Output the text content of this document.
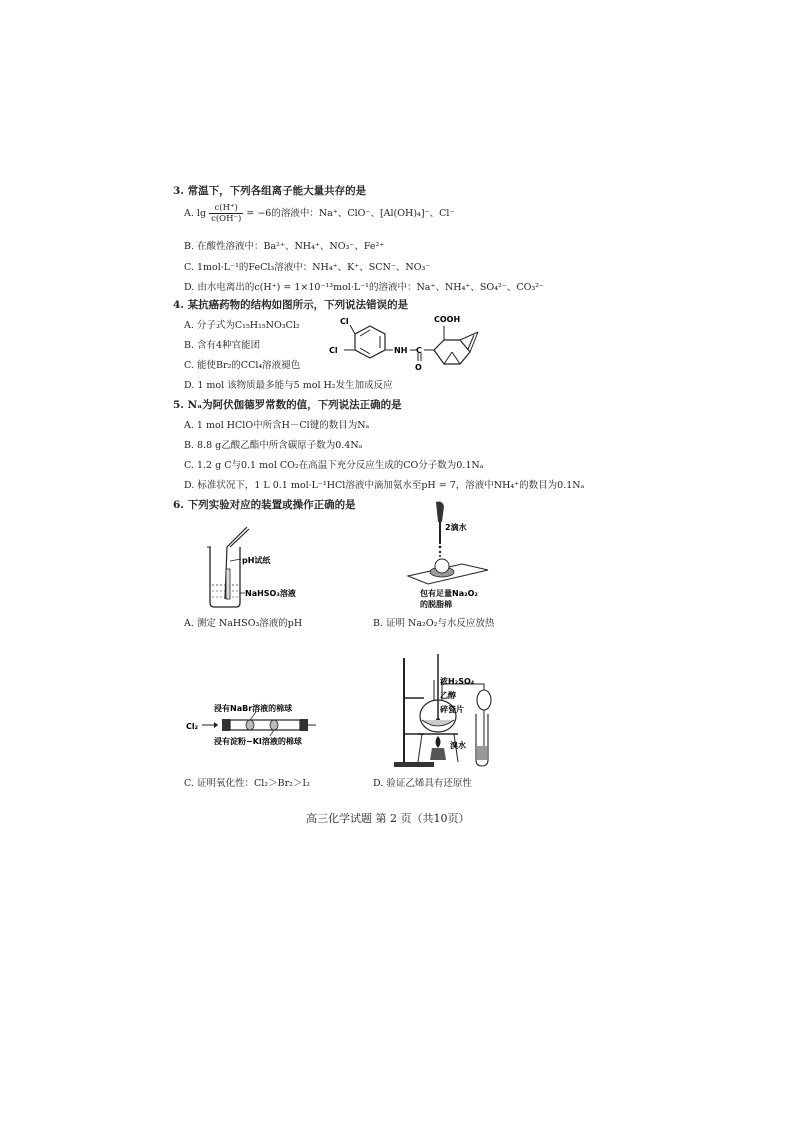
3. 常温下，下列各组离子能大量共存的是
A. $\lg \frac{c(H^+)}{c(OH^-)} = -6$的溶液中：Na⁺、ClO⁻、[Al(OH)₄]⁻、Cl⁻
B. 在酸性溶液中：Ba²⁺、NH₄⁺、NO₃⁻、Fe²⁺
C. 1mol·L⁻¹的FeCl₃溶液中：NH₄⁺、K⁺、SCN⁻、NO₃⁻
D. 由水电离出的c(H⁺) = 1×10⁻¹³mol·L⁻¹的溶液中：Na⁺、NH₄⁺、SO₄²⁻、CO₃²⁻
4. 某抗癌药物的结构如图所示，下列说法错误的是
A. 分子式为C₁₅H₁₅NO₃Cl₂
B. 含有4种官能团
C. 能使Br₂的CCl₄溶液褪色
D. 1 mol 该物质最多能与5 mol H₂发生加成反应
Cl
Cl	NH C
O
COOH
5. Nₐ为阿伏伽德罗常数的值，下列说法正确的是
A. 1 mol HClO中所含H－Cl键的数目为Nₐ
B. 8.8 g乙酸乙酯中所含碳原子数为0.4Nₐ
C. 1.2 g C与0.1 mol CO₂在高温下充分反应生成的CO分子数为0.1Nₐ
D. 标准状况下，1 L 0.1 mol·L⁻¹HCl溶液中滴加氨水至pH = 7，溶液中NH₄⁺的数目为0.1Nₐ
6. 下列实验对应的装置或操作正确的是
pH试纸
NaHSO₃溶液
A. 测定 NaHSO₃溶液的pH
2滴水
包有足量Na₂O₂
的脱脂棉
B. 证明 Na₂O₂与水反应放热
浸有NaBr溶液的棉球
浸有淀粉−KI溶液的棉球
Cl₂
C. 证明氧化性：Cl₂＞Br₂＞I₂
浓H₂SO₄
乙醇
碎瓷片
溴水
D. 验证乙烯具有还原性
高三化学试题 第 2 页（共10页）
